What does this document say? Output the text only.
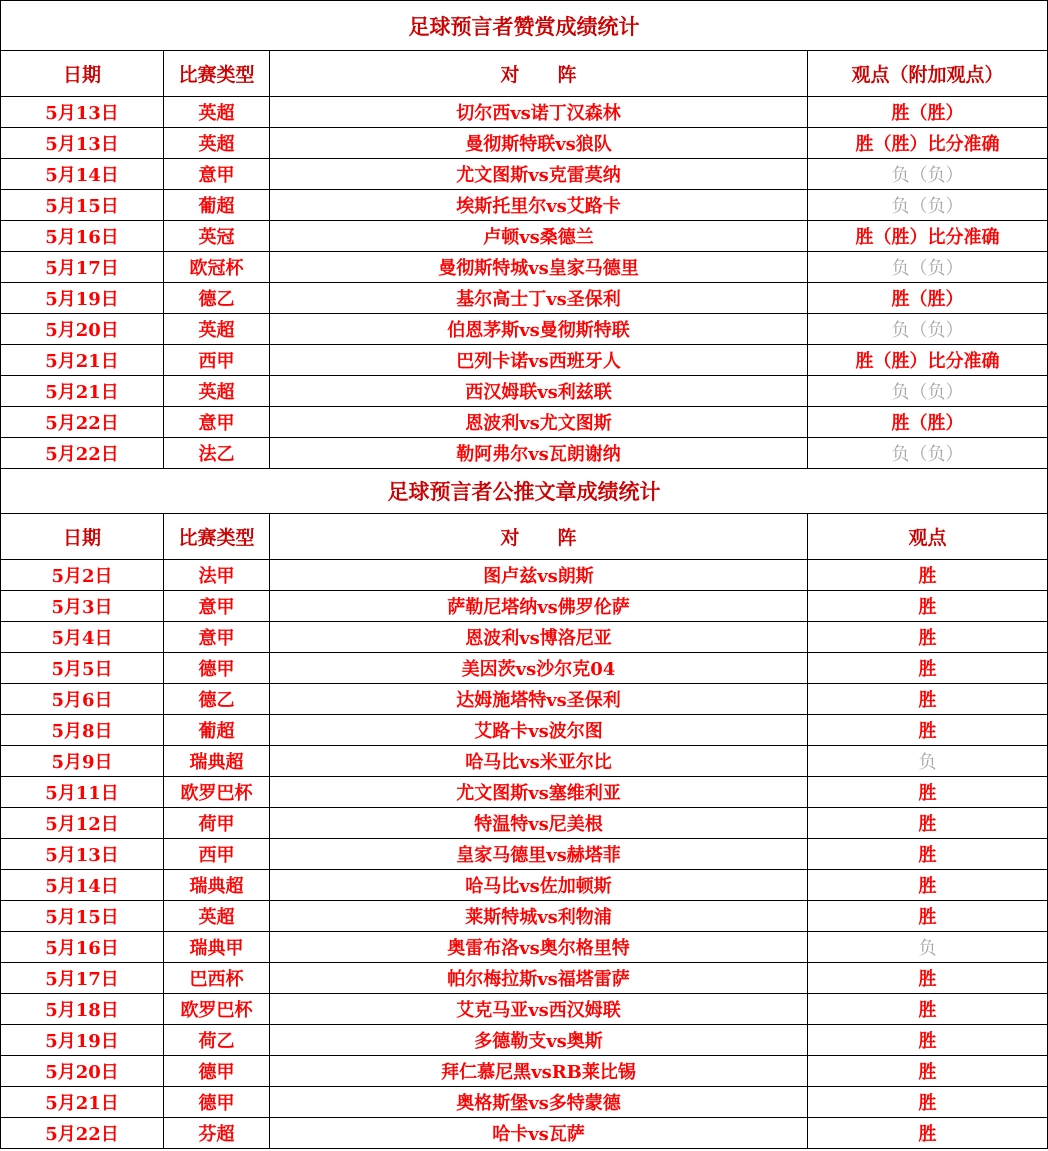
足球预言者赞赏成绩统计			
日期	比赛类型	对　　阵	观点（附加观点）
5月13日	英超	切尔西vs诺丁汉森林	胜（胜）
5月13日	英超	曼彻斯特联vs狼队	胜（胜）比分准确
5月14日	意甲	尤文图斯vs克雷莫纳	负（负）
5月15日	葡超	埃斯托里尔vs艾路卡	负（负）
5月16日	英冠	卢顿vs桑德兰	胜（胜）比分准确
5月17日	欧冠杯	曼彻斯特城vs皇家马德里	负（负）
5月19日	德乙	基尔高士丁vs圣保利	胜（胜）
5月20日	英超	伯恩茅斯vs曼彻斯特联	负（负）
5月21日	西甲	巴列卡诺vs西班牙人	胜（胜）比分准确
5月21日	英超	西汉姆联vs利兹联	负（负）
5月22日	意甲	恩波利vs尤文图斯	胜（胜）
5月22日	法乙	勒阿弗尔vs瓦朗谢纳	负（负）
足球预言者公推文章成绩统计			
日期	比赛类型	对　　阵	观点
5月2日	法甲	图卢兹vs朗斯	胜
5月3日	意甲	萨勒尼塔纳vs佛罗伦萨	胜
5月4日	意甲	恩波利vs博洛尼亚	胜
5月5日	德甲	美因茨vs沙尔克04	胜
5月6日	德乙	达姆施塔特vs圣保利	胜
5月8日	葡超	艾路卡vs波尔图	胜
5月9日	瑞典超	哈马比vs米亚尔比	负
5月11日	欧罗巴杯	尤文图斯vs塞维利亚	胜
5月12日	荷甲	特温特vs尼美根	胜
5月13日	西甲	皇家马德里vs赫塔菲	胜
5月14日	瑞典超	哈马比vs佐加顿斯	胜
5月15日	英超	莱斯特城vs利物浦	胜
5月16日	瑞典甲	奥雷布洛vs奥尔格里特	负
5月17日	巴西杯	帕尔梅拉斯vs福塔雷萨	胜
5月18日	欧罗巴杯	艾克马亚vs西汉姆联	胜
5月19日	荷乙	多德勒支vs奥斯	胜
5月20日	德甲	拜仁慕尼黑vsRB莱比锡	胜
5月21日	德甲	奥格斯堡vs多特蒙德	胜
5月22日	芬超	哈卡vs瓦萨	胜
